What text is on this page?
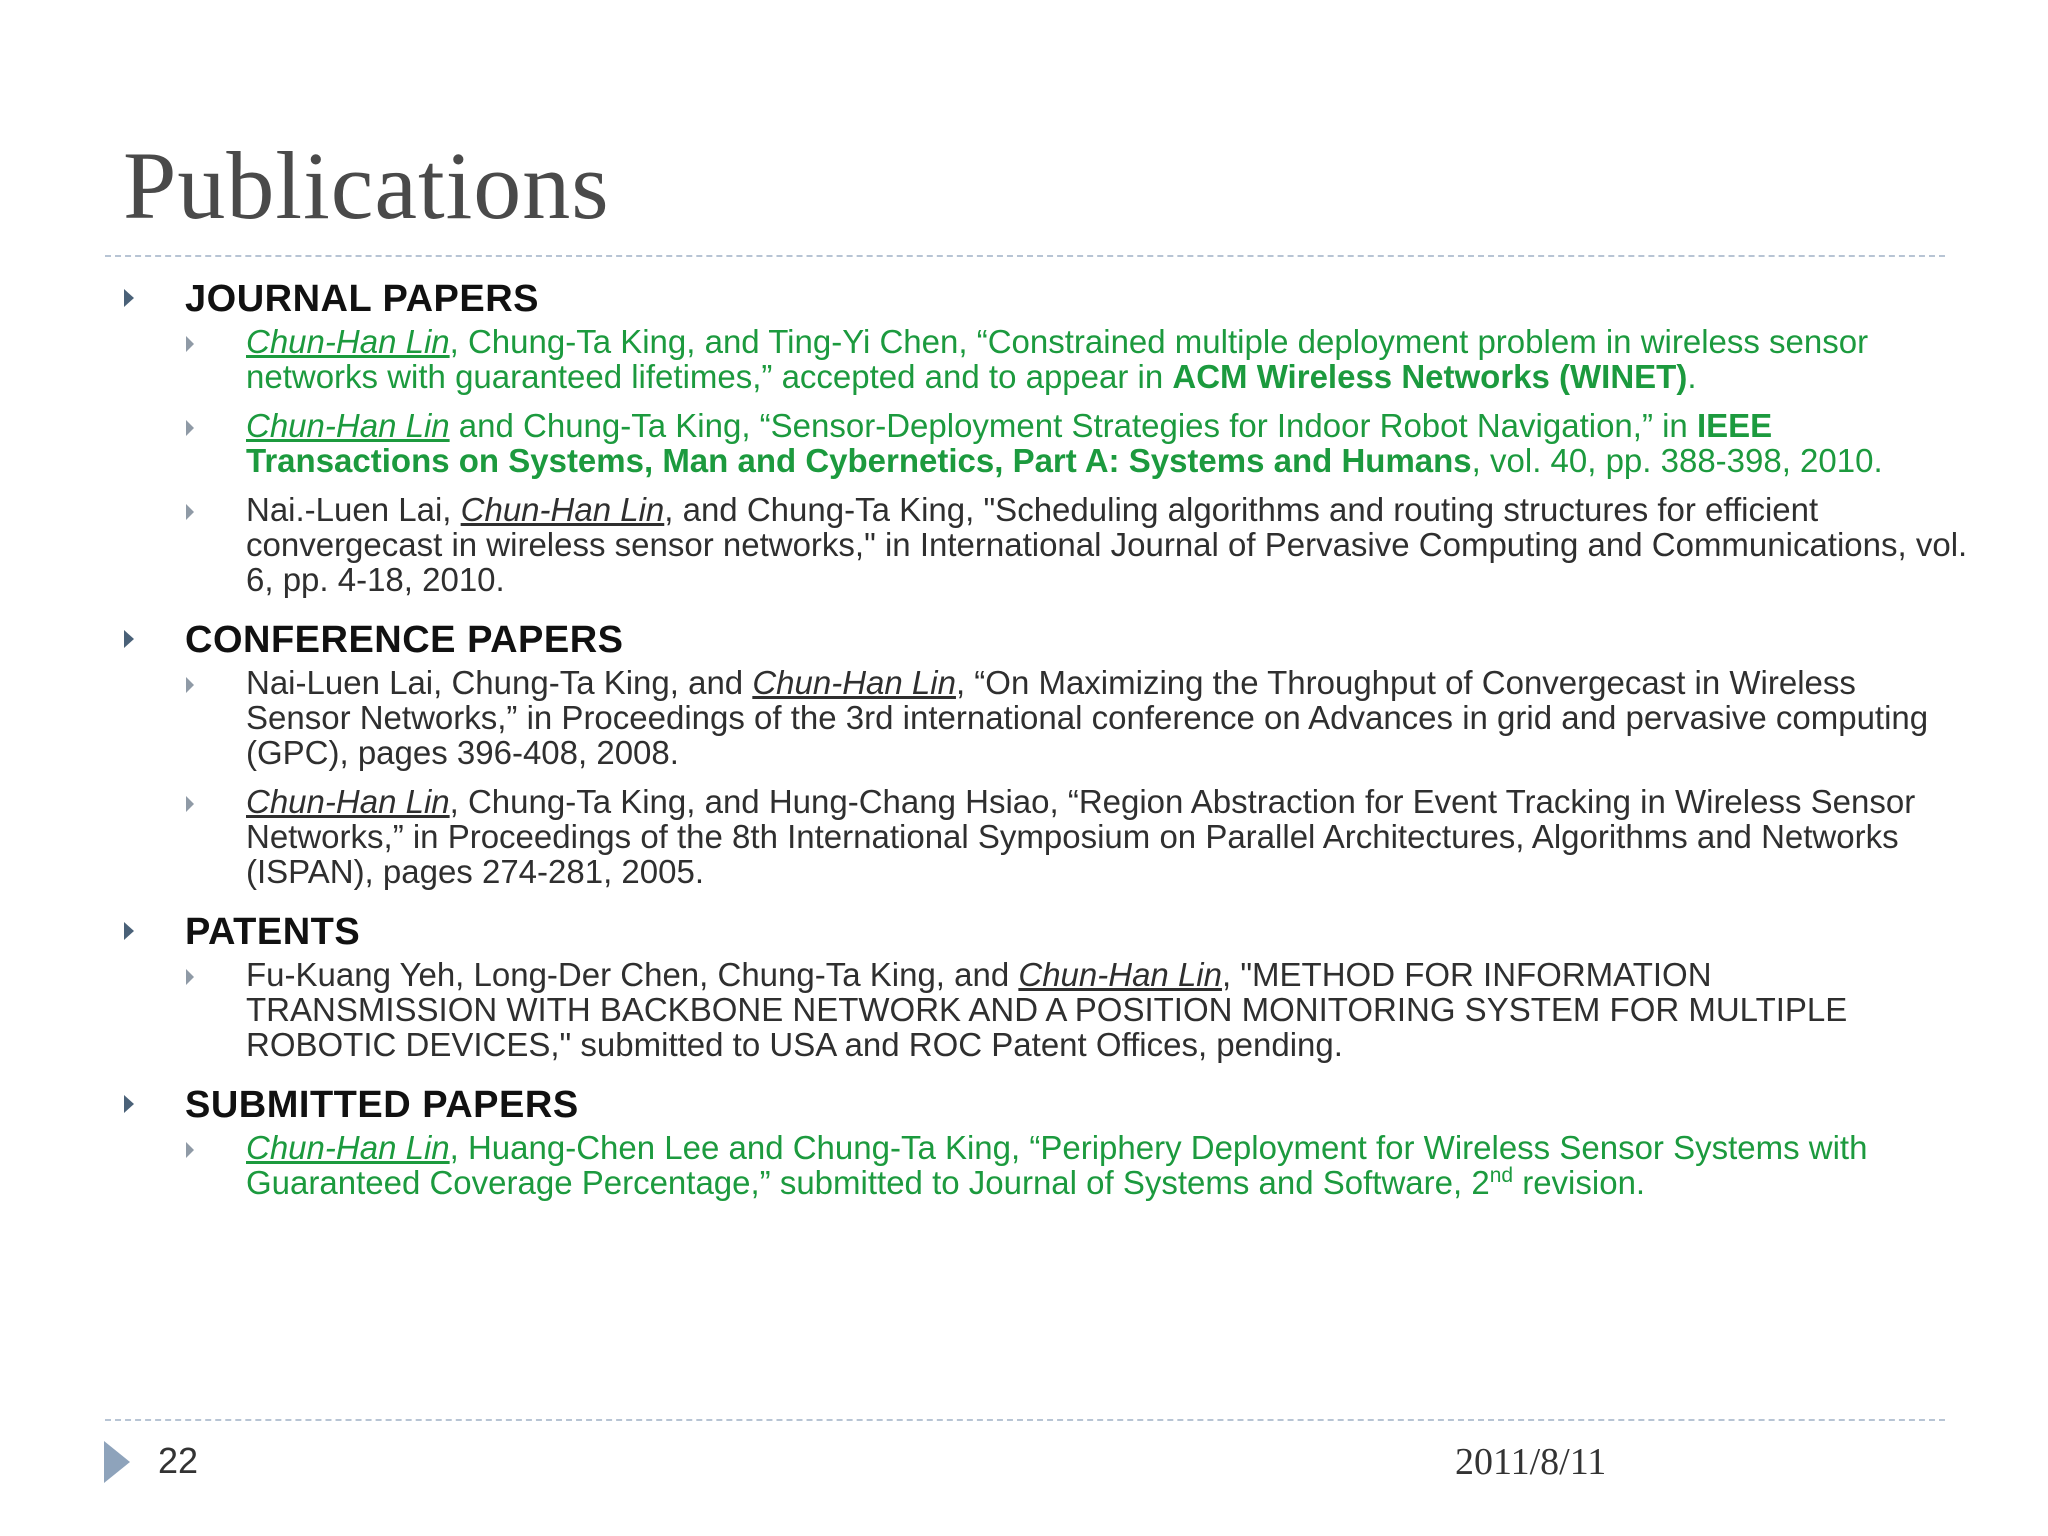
Publications
JOURNAL PAPERS
Chun-Han Lin, Chung-Ta King, and Ting-Yi Chen, “Constrained multiple deployment problem in wireless sensor networks with guaranteed lifetimes,” accepted and to appear in ACM Wireless Networks (WINET).
Chun-Han Lin and Chung-Ta King, “Sensor-Deployment Strategies for Indoor Robot Navigation,” in IEEE Transactions on Systems, Man and Cybernetics, Part A: Systems and Humans, vol. 40, pp. 388-398, 2010.
Nai.-Luen Lai, Chun-Han Lin, and Chung-Ta King, "Scheduling algorithms and routing structures for efficient convergecast in wireless sensor networks," in International Journal of Pervasive Computing and Communications, vol. 6, pp. 4-18, 2010.
CONFERENCE PAPERS
Nai-Luen Lai, Chung-Ta King, and Chun-Han Lin, “On Maximizing the Throughput of Convergecast in Wireless Sensor Networks,” in Proceedings of the 3rd international conference on Advances in grid and pervasive computing (GPC), pages 396-408, 2008.
Chun-Han Lin, Chung-Ta King, and Hung-Chang Hsiao, “Region Abstraction for Event Tracking in Wireless Sensor Networks,” in Proceedings of the 8th International Symposium on Parallel Architectures, Algorithms and Networks (ISPAN), pages 274-281, 2005.
PATENTS
Fu-Kuang Yeh, Long-Der Chen, Chung-Ta King, and Chun-Han Lin, "METHOD FOR INFORMATION TRANSMISSION WITH BACKBONE NETWORK AND A POSITION MONITORING SYSTEM FOR MULTIPLE ROBOTIC DEVICES," submitted to USA and ROC Patent Offices, pending.
SUBMITTED PAPERS
Chun-Han Lin, Huang-Chen Lee and Chung-Ta King, “Periphery Deployment for Wireless Sensor Systems with Guaranteed Coverage Percentage,” submitted to Journal of Systems and Software, 2nd revision.
22	2011/8/11
